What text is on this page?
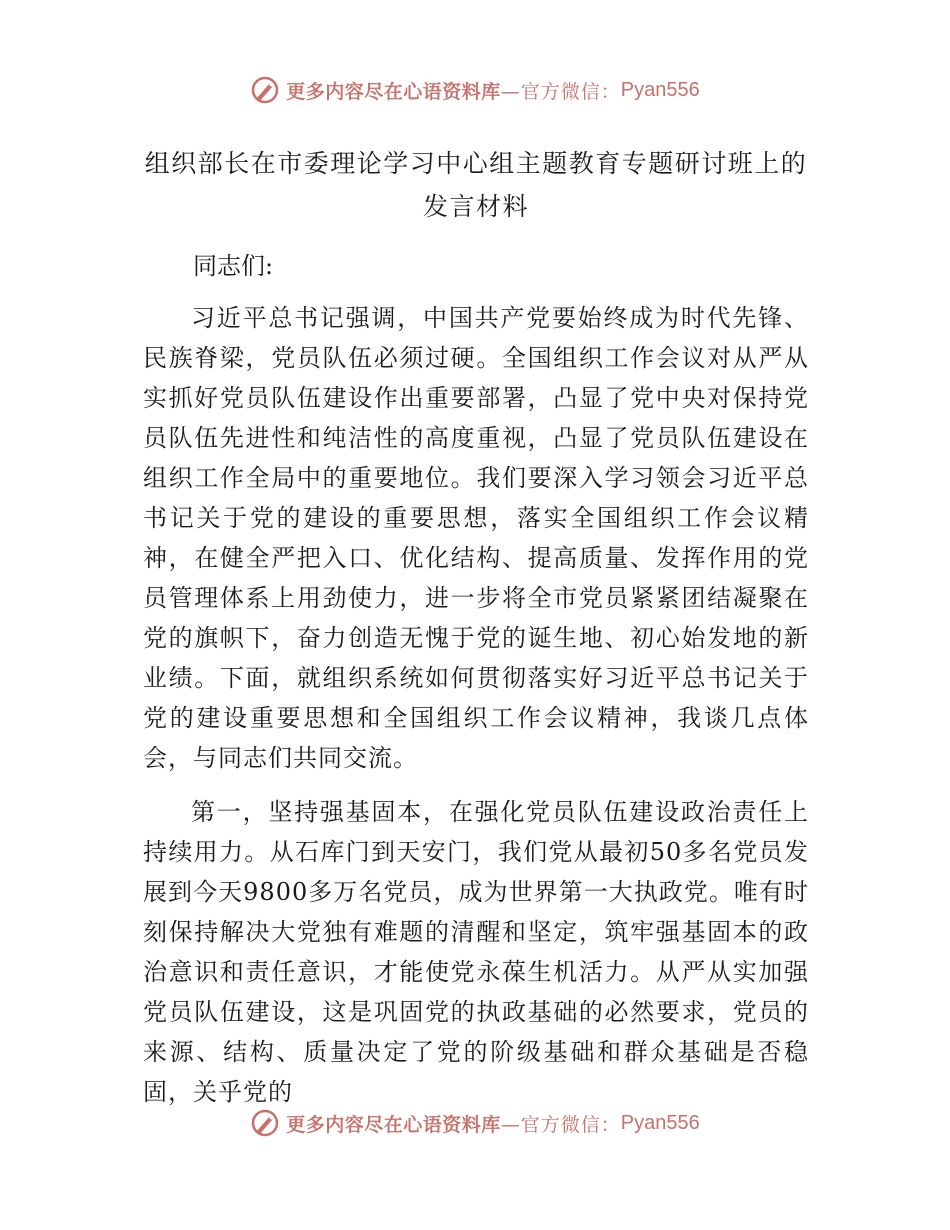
更多内容尽在心语资料库 —官方微信： Pyan556
组织部长在市委理论学习中心组主题教育专题研讨班上的发言材料

同志们:

习近平总书记强调，中国共产党要始终成为时代先锋、民族脊梁，党员队伍必须过硬。全国组织工作会议对从严从实抓好党员队伍建设作出重要部署，凸显了党中央对保持党员队伍先进性和纯洁性的高度重视，凸显了党员队伍建设在组织工作全局中的重要地位。我们要深入学习领会习近平总书记关于党的建设的重要思想，落实全国组织工作会议精神，在健全严把入口、优化结构、提高质量、发挥作用的党员管理体系上用劲使力，进一步将全市党员紧紧团结凝聚在党的旗帜下，奋力创造无愧于党的诞生地、初心始发地的新业绩。下面，就组织系统如何贯彻落实好习近平总书记关于党的建设重要思想和全国组织工作会议精神，我谈几点体会，与同志们共同交流。

第一，坚持强基固本，在强化党员队伍建设政治责任上持续用力。从石库门到天安门，我们党从最初50多名党员发展到今天9800多万名党员，成为世界第一大执政党。唯有时刻保持解决大党独有难题的清醒和坚定，筑牢强基固本的政治意识和责任意识，才能使党永葆生机活力。从严从实加强党员队伍建设，这是巩固党的执政基础的必然要求，党员的来源、结构、质量决定了党的阶级基础和群众基础是否稳固，关乎党的

更多内容尽在心语资料库 —官方微信： Pyan556
